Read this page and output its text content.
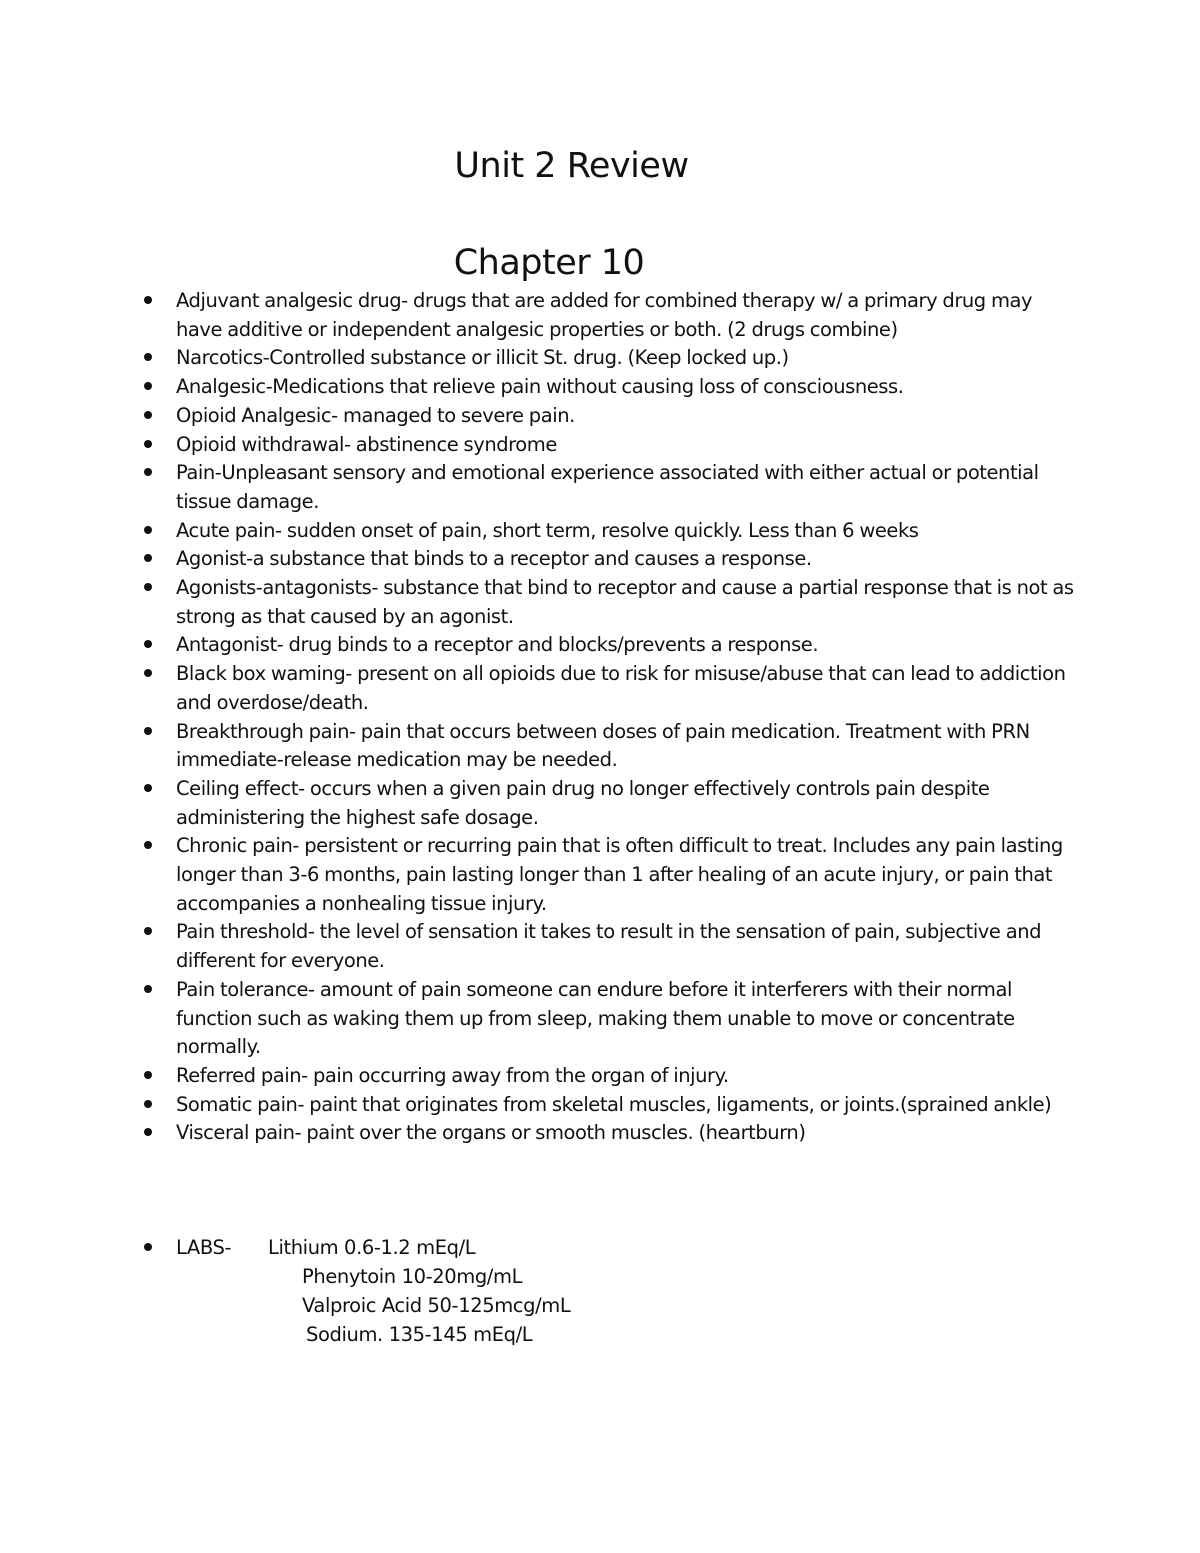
Unit 2 Review
Chapter 10
Adjuvant analgesic drug- drugs that are added for combined therapy w/ a primary drug may have additive or independent analgesic properties or both. (2 drugs combine)
Narcotics-Controlled substance or illicit St. drug. (Keep locked up.)
Analgesic-Medications that relieve pain without causing loss of consciousness.
Opioid Analgesic- managed to severe pain.
Opioid withdrawal- abstinence syndrome
Pain-Unpleasant sensory and emotional experience associated with either actual or potential tissue damage.
Acute pain- sudden onset of pain, short term, resolve quickly. Less than 6 weeks
Agonist-a substance that binds to a receptor and causes a response.
Agonists-antagonists- substance that bind to receptor and cause a partial response that is not as strong as that caused by an agonist.
Antagonist- drug binds to a receptor and blocks/prevents a response.
Black box waming- present on all opioids due to risk for misuse/abuse that can lead to addiction and overdose/death.
Breakthrough pain- pain that occurs between doses of pain medication. Treatment with PRN immediate-release medication may be needed.
Ceiling effect- occurs when a given pain drug no longer effectively controls pain despite administering the highest safe dosage.
Chronic pain- persistent or recurring pain that is often difficult to treat. Includes any pain lasting longer than 3-6 months, pain lasting longer than 1 after healing of an acute injury, or pain that accompanies a nonhealing tissue injury.
Pain threshold- the level of sensation it takes to result in the sensation of pain, subjective and different for everyone.
Pain tolerance- amount of pain someone can endure before it interferers with their normal function such as waking them up from sleep, making them unable to move or concentrate normally.
Referred pain- pain occurring away from the organ of injury.
Somatic pain- paint that originates from skeletal muscles, ligaments, or joints.(sprained ankle)
Visceral pain- paint over the organs or smooth muscles. (heartburn)
LABS- Lithium 0.6-1.2 mEq/L
Phenytoin 10-20mg/mL
Valproic Acid 50-125mcg/mL
Sodium. 135-145 mEq/L
